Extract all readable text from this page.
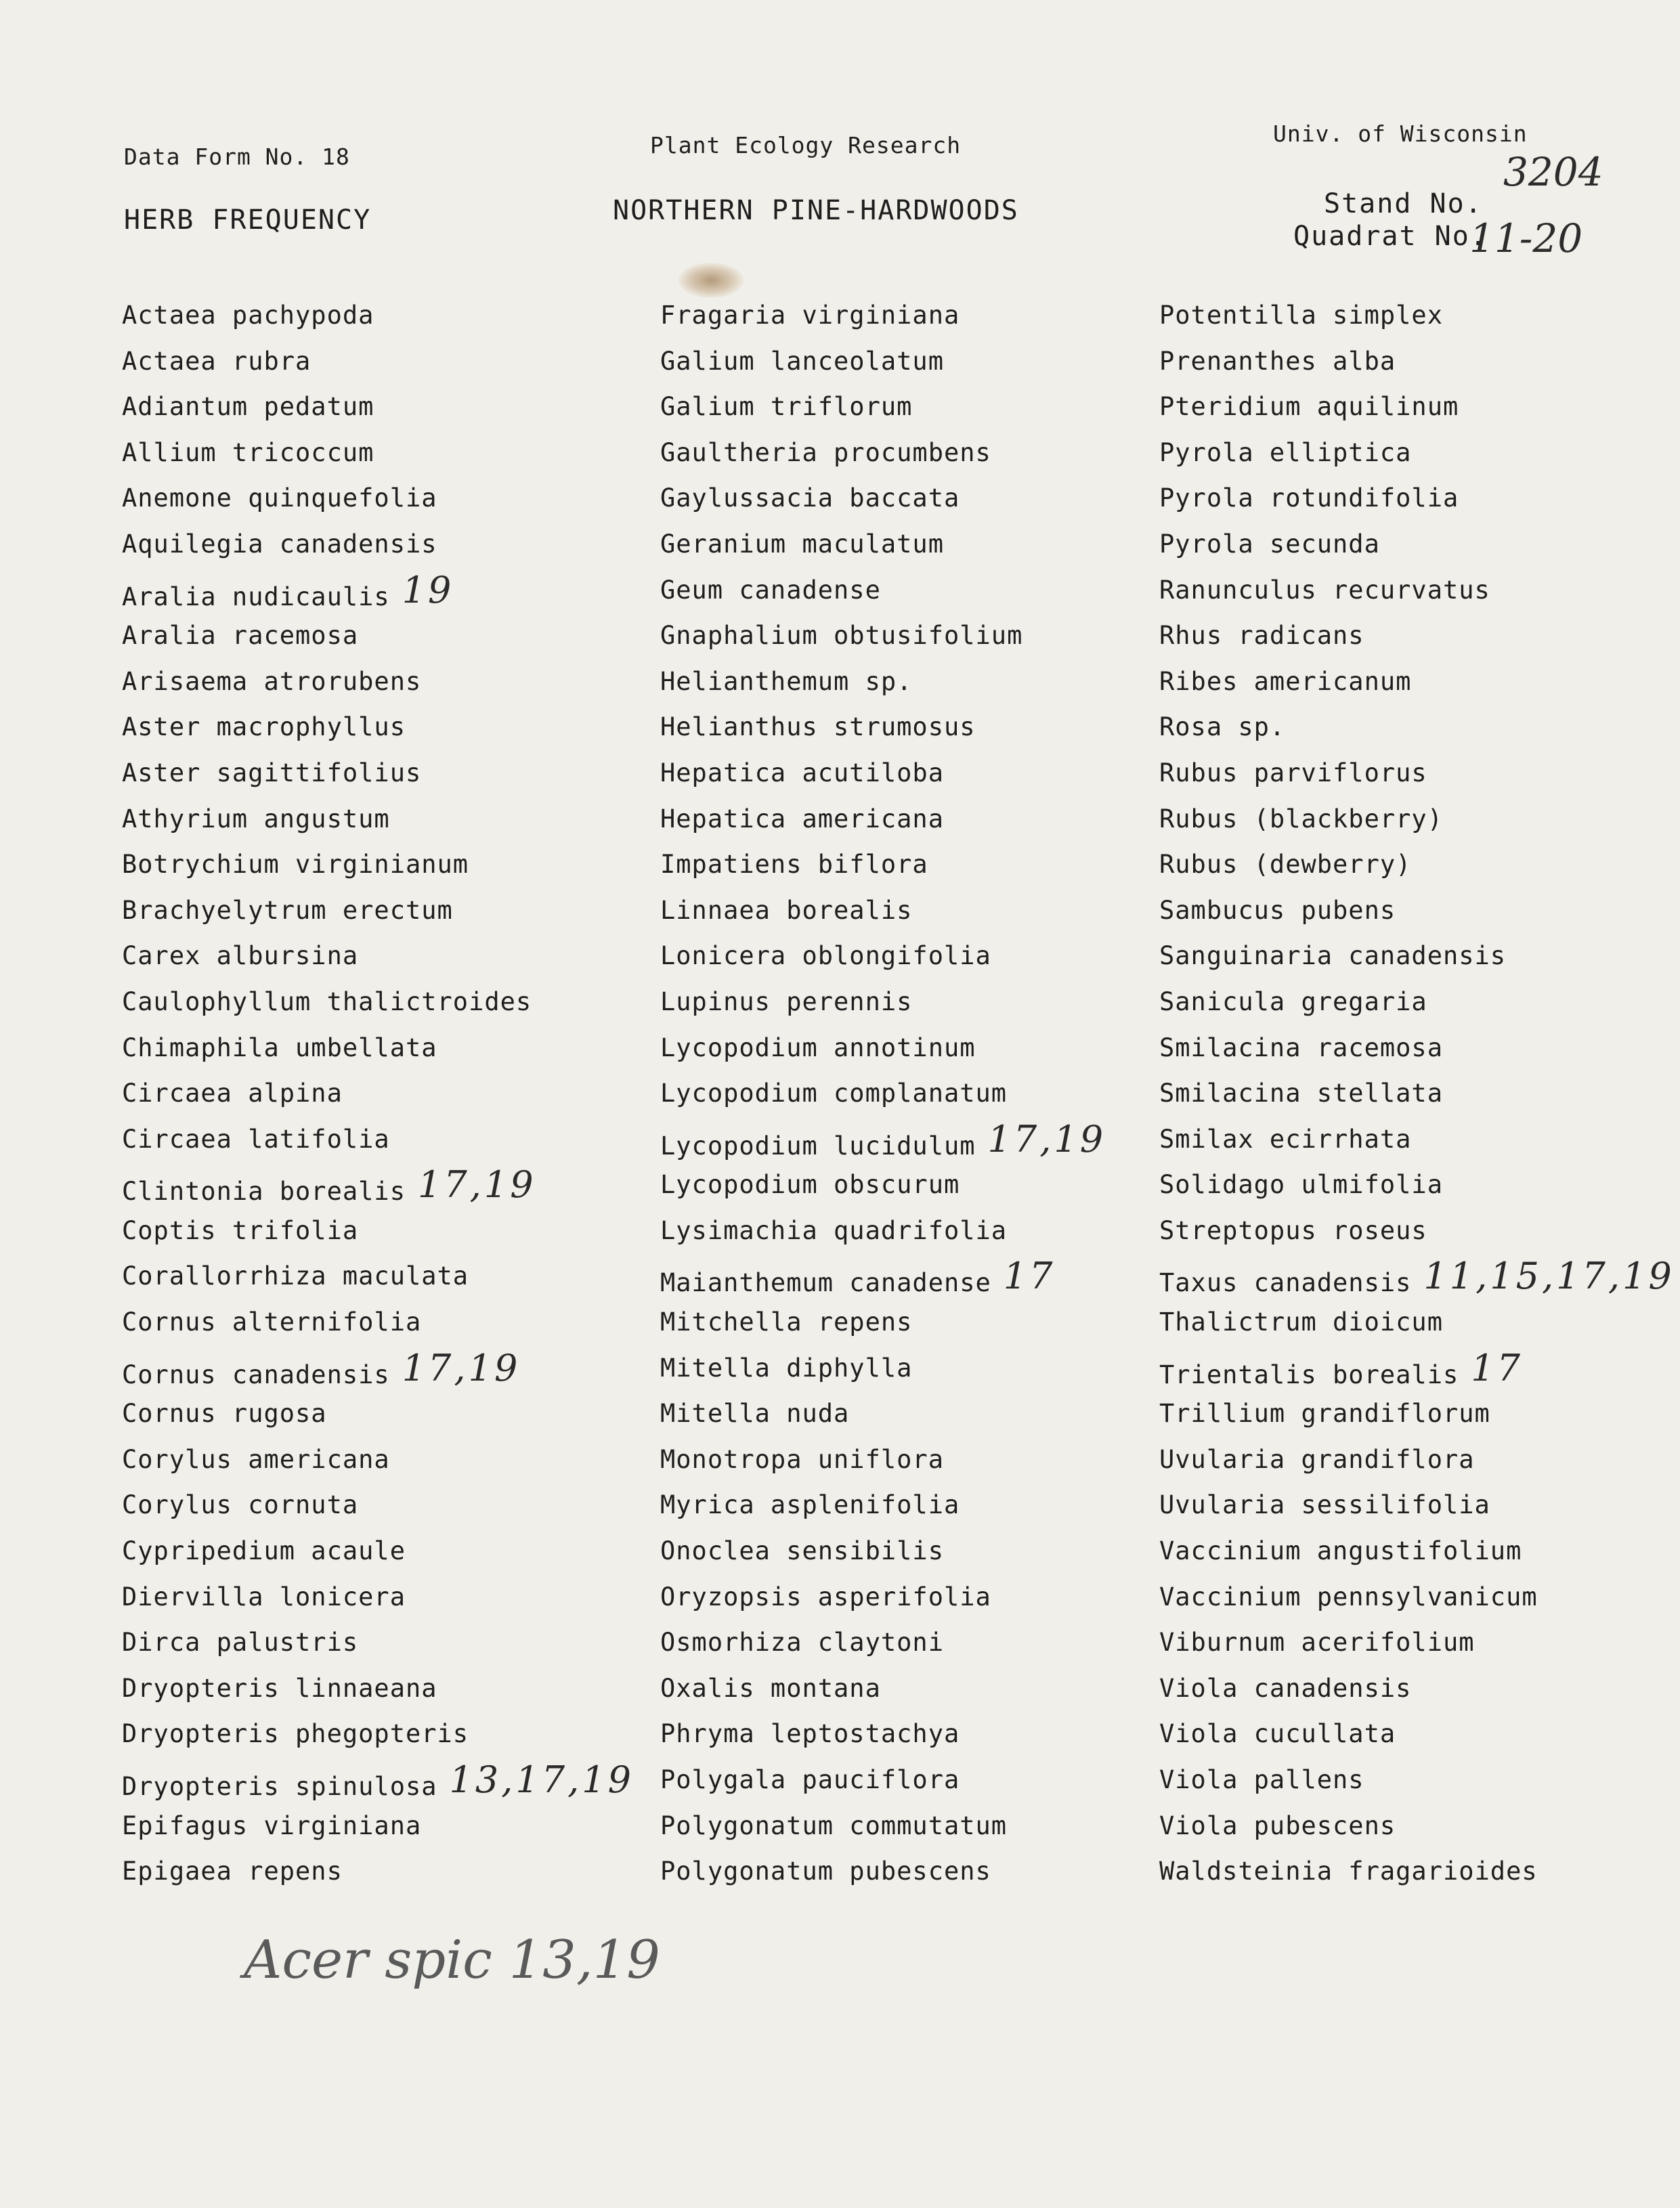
Data Form No. 18
HERB FREQUENCY
Plant Ecology Research
NORTHERN PINE-HARDWOODS
Univ. of Wisconsin
Stand No.
Quadrat No.
3204
11-20
Actaea pachypoda
Actaea rubra
Adiantum pedatum
Allium tricoccum
Anemone quinquefolia
Aquilegia canadensis
Aralia nudicaulis 19
Aralia racemosa
Arisaema atrorubens
Aster macrophyllus
Aster sagittifolius
Athyrium angustum
Botrychium virginianum
Brachyelytrum erectum
Carex albursina
Caulophyllum thalictroides
Chimaphila umbellata
Circaea alpina
Circaea latifolia
Clintonia borealis 17,19
Coptis trifolia
Corallorrhiza maculata
Cornus alternifolia
Cornus canadensis 17,19
Cornus rugosa
Corylus americana
Corylus cornuta
Cypripedium acaule
Diervilla lonicera
Dirca palustris
Dryopteris linnaeana
Dryopteris phegopteris
Dryopteris spinulosa 13,17,19
Epifagus virginiana
Epigaea repens
Fragaria virginiana
Galium lanceolatum
Galium triflorum
Gaultheria procumbens
Gaylussacia baccata
Geranium maculatum
Geum canadense
Gnaphalium obtusifolium
Helianthemum sp.
Helianthus strumosus
Hepatica acutiloba
Hepatica americana
Impatiens biflora
Linnaea borealis
Lonicera oblongifolia
Lupinus perennis
Lycopodium annotinum
Lycopodium complanatum
Lycopodium lucidulum 17,19
Lycopodium obscurum
Lysimachia quadrifolia
Maianthemum canadense 17
Mitchella repens
Mitella diphylla
Mitella nuda
Monotropa uniflora
Myrica asplenifolia
Onoclea sensibilis
Oryzopsis asperifolia
Osmorhiza claytoni
Oxalis montana
Phryma leptostachya
Polygala pauciflora
Polygonatum commutatum
Polygonatum pubescens
Potentilla simplex
Prenanthes alba
Pteridium aquilinum
Pyrola elliptica
Pyrola rotundifolia
Pyrola secunda
Ranunculus recurvatus
Rhus radicans
Ribes americanum
Rosa sp.
Rubus parviflorus
Rubus (blackberry)
Rubus (dewberry)
Sambucus pubens
Sanguinaria canadensis
Sanicula gregaria
Smilacina racemosa
Smilacina stellata
Smilax ecirrhata
Solidago ulmifolia
Streptopus roseus
Taxus canadensis 11,15,17,19
Thalictrum dioicum
Trientalis borealis 17
Trillium grandiflorum
Uvularia grandiflora
Uvularia sessilifolia
Vaccinium angustifolium
Vaccinium pennsylvanicum
Viburnum acerifolium
Viola canadensis
Viola cucullata
Viola pallens
Viola pubescens
Waldsteinia fragarioides
Acer spic 13,19
